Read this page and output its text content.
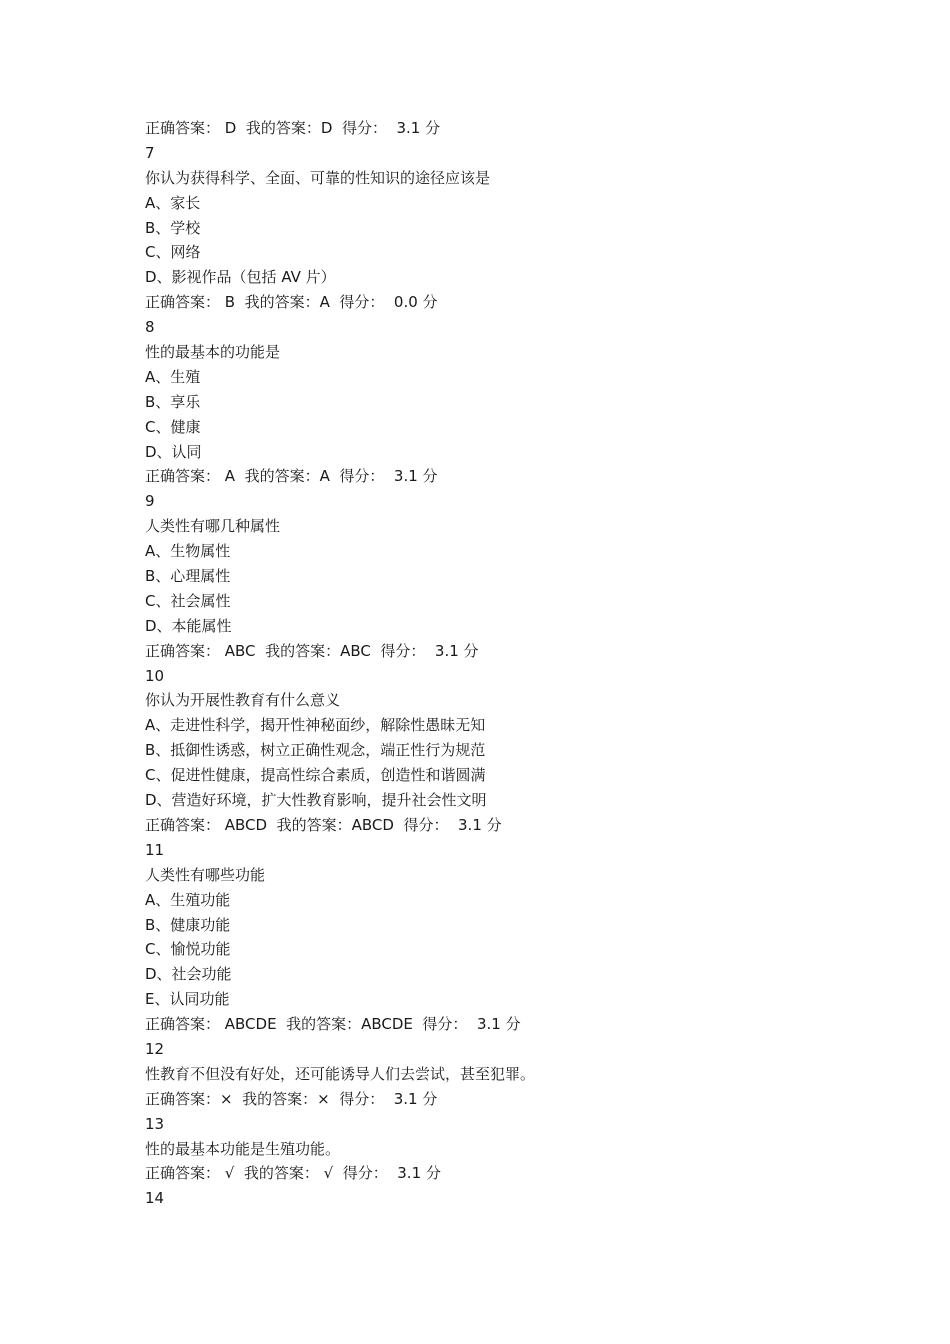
正确答案： D  我的答案：D  得分：  3.1 分
7
你认为获得科学、全面、可靠的性知识的途径应该是
A、家长
B、学校
C、网络
D、影视作品（包括 AV 片）
正确答案： B  我的答案：A  得分：  0.0 分
8
性的最基本的功能是
A、生殖
B、享乐
C、健康
D、认同
正确答案： A  我的答案：A  得分：  3.1 分
9
人类性有哪几种属性
A、生物属性
B、心理属性
C、社会属性
D、本能属性
正确答案： ABC  我的答案：ABC  得分：  3.1 分
10
你认为开展性教育有什么意义
A、走进性科学，揭开性神秘面纱，解除性愚昧无知
B、抵御性诱惑，树立正确性观念，端正性行为规范
C、促进性健康，提高性综合素质，创造性和谐圆满
D、营造好环境，扩大性教育影响，提升社会性文明
正确答案： ABCD  我的答案：ABCD  得分：  3.1 分
11
人类性有哪些功能
A、生殖功能
B、健康功能
C、愉悦功能
D、社会功能
E、认同功能
正确答案： ABCDE  我的答案：ABCDE  得分：  3.1 分
12
性教育不但没有好处，还可能诱导人们去尝试，甚至犯罪。
正确答案：×  我的答案：×  得分：  3.1 分
13
性的最基本功能是生殖功能。
正确答案： √  我的答案： √  得分：  3.1 分
14
